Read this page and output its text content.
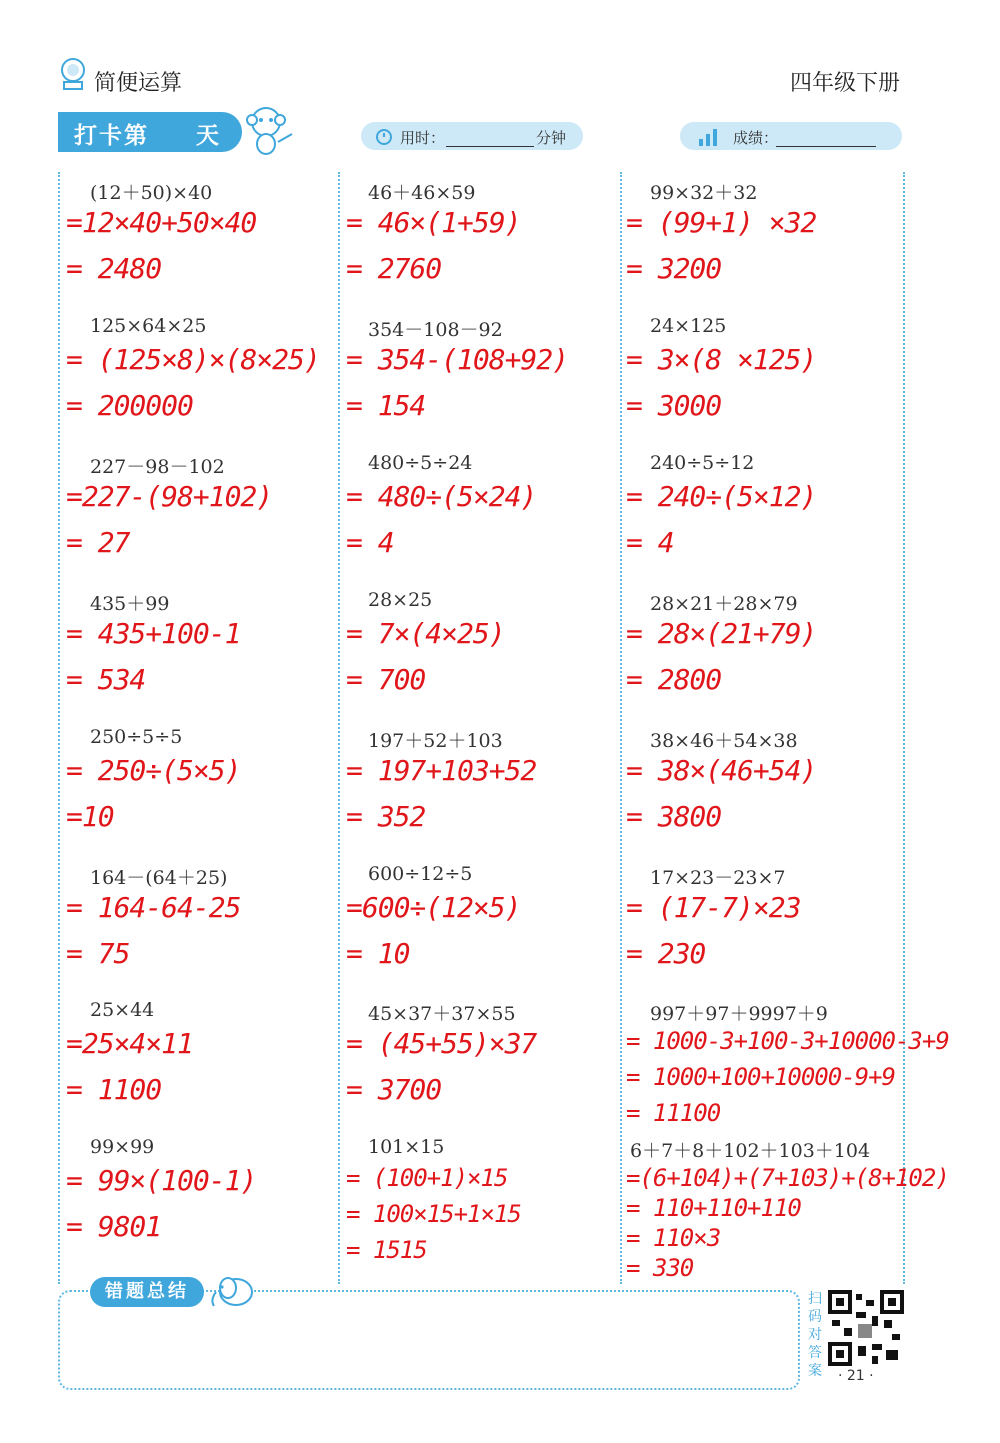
简便运算	四年级下册
打卡第 天	用时：	分钟	成绩：
(12＋50)×40
=12×40+50×40
= 2480
46＋46×59
= 46×(1+59)
= 2760
99×32＋32
= (99+1) ×32
= 3200
125×64×25
= (125×8)×(8×25)
= 200000
354－108－92
= 354-(108+92)
= 154
24×125
= 3×(8 ×125)
= 3000
227－98－102
=227-(98+102)
= 27
480÷5÷24
= 480÷(5×24)
= 4
240÷5÷12
= 240÷(5×12)
= 4
435＋99
= 435+100-1
= 534
28×25
= 7×(4×25)
= 700
28×21＋28×79
= 28×(21+79)
= 2800
250÷5÷5
= 250÷(5×5)
=10
197＋52＋103
= 197+103+52
= 352
38×46＋54×38
= 38×(46+54)
= 3800
164－(64＋25)
= 164-64-25
= 75
600÷12÷5
=600÷(12×5)
= 10
17×23－23×7
= (17-7)×23
= 230
25×44
=25×4×11
= 1100
45×37＋37×55
= (45+55)×37
= 3700
997＋97＋9997＋9
= 1000-3+100-3+10000-3+9
= 1000+100+10000-9+9
= 11100
99×99
= 99×(100-1)
= 9801
101×15
= (100+1)×15
= 100×15+1×15
= 1515
6＋7＋8＋102＋103＋104
=(6+104)+(7+103)+(8+102)
= 110+110+110
= 110×3
= 330
错题总结	扫码对答案 · 21 ·
